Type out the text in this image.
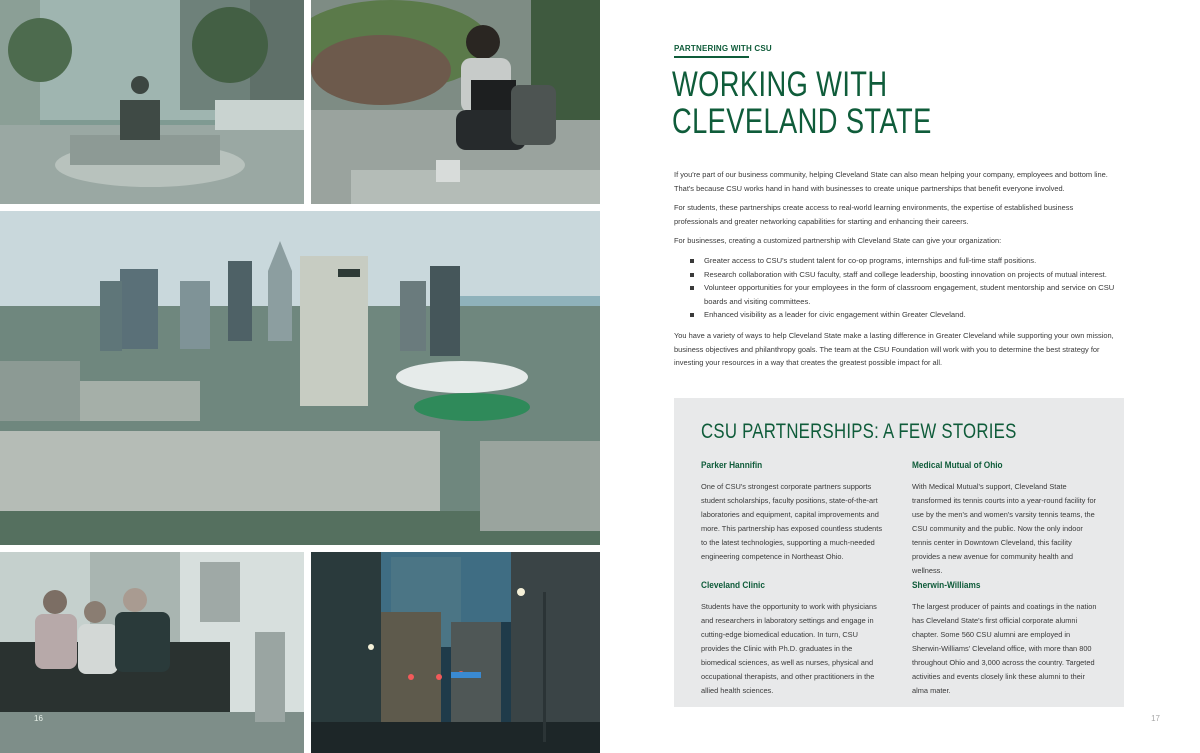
16
PARTNERING WITH CSU
WORKING WITH
CLEVELAND STATE

If you're part of our business community, helping Cleveland State can also mean helping your company, employees and bottom line. That's because CSU works hand in hand with businesses to create unique partnerships that benefit everyone involved.

For students, these partnerships create access to real-world learning environments, the expertise of established business professionals and greater networking capabilities for starting and enhancing their careers.

For businesses, creating a customized partnership with Cleveland State can give your organization:

Greater access to CSU's student talent for co-op programs, internships and full-time staff positions.
Research collaboration with CSU faculty, staff and college leadership, boosting innovation on projects of mutual interest.
Volunteer opportunities for your employees in the form of classroom engagement, student mentorship and service on CSU boards and visiting committees.
Enhanced visibility as a leader for civic engagement within Greater Cleveland.

You have a variety of ways to help Cleveland State make a lasting difference in Greater Cleveland while supporting your own mission, business objectives and philanthropy goals. The team at the CSU Foundation will work with you to determine the best strategy for investing your resources in a way that creates the greatest possible impact for all.

CSU PARTNERSHIPS: A FEW STORIES
Parker Hannifin

One of CSU's strongest corporate partners supports student scholarships, faculty positions, state-of-the-art laboratories and equipment, capital improvements and more. This partnership has exposed countless students to the latest technologies, supporting a much-needed engineering competence in Northeast Ohio.

Medical Mutual of Ohio

With Medical Mutual's support, Cleveland State transformed its tennis courts into a year-round facility for use by the men's and women's varsity tennis teams, the CSU community and the public. Now the only indoor tennis center in Downtown Cleveland, this facility provides a new avenue for community health and wellness.

Cleveland Clinic

Students have the opportunity to work with physicians and researchers in laboratory settings and engage in cutting-edge biomedical education. In turn, CSU provides the Clinic with Ph.D. graduates in the biomedical sciences, as well as nurses, physical and occupational therapists, and other practitioners in the allied health sciences.

Sherwin-Williams

The largest producer of paints and coatings in the nation has Cleveland State's first official corporate alumni chapter. Some 560 CSU alumni are employed in Sherwin-Williams' Cleveland office, with more than 800 throughout Ohio and 3,000 across the country. Targeted activities and events closely link these alumni to their alma mater.

17
